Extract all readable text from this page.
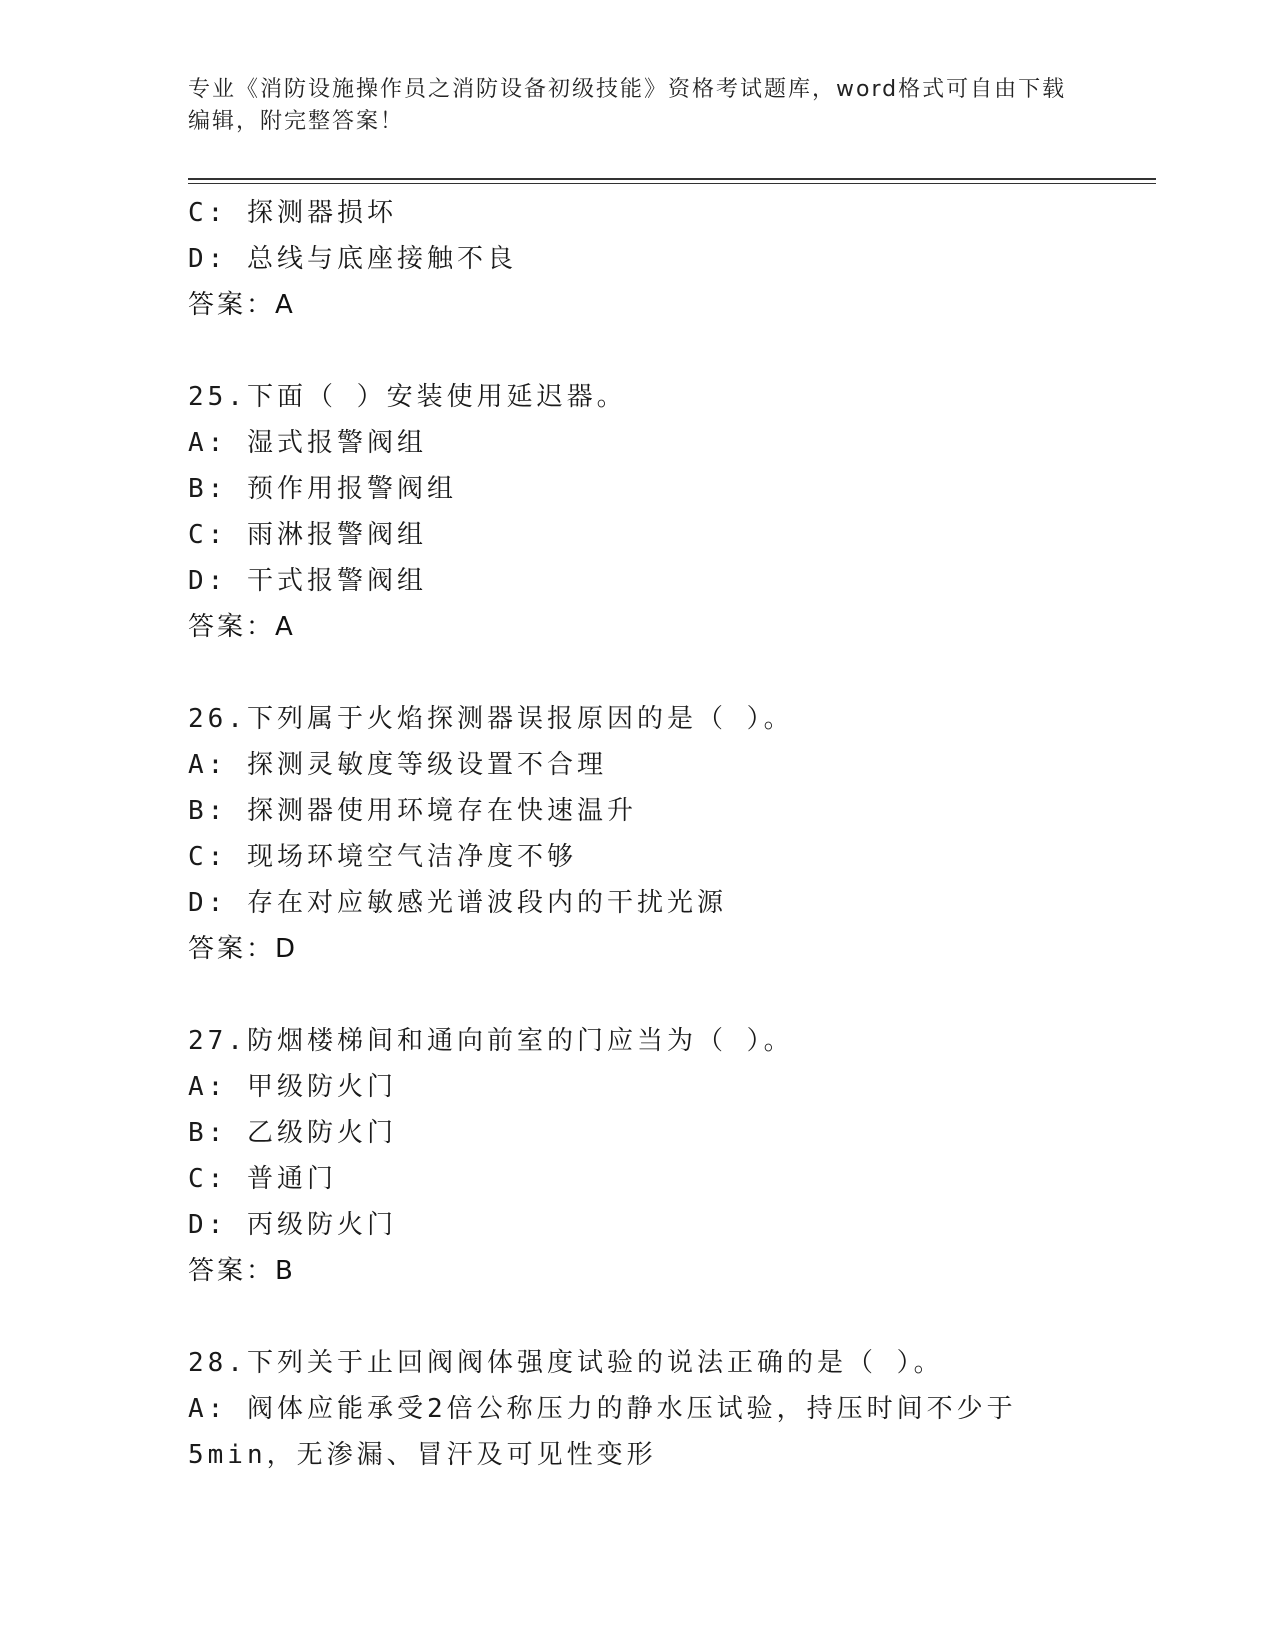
专业《消防设施操作员之消防设备初级技能》资格考试题库，word格式可自由下载编辑，附完整答案！
C: 探测器损坏
D: 总线与底座接触不良
答案：A
25.下面（ ）安装使用延迟器。
A: 湿式报警阀组
B: 预作用报警阀组
C: 雨淋报警阀组
D: 干式报警阀组
答案：A
26.下列属于火焰探测器误报原因的是（ ）。
A: 探测灵敏度等级设置不合理
B: 探测器使用环境存在快速温升
C: 现场环境空气洁净度不够
D: 存在对应敏感光谱波段内的干扰光源
答案：D
27.防烟楼梯间和通向前室的门应当为（ ）。
A: 甲级防火门
B: 乙级防火门
C: 普通门
D: 丙级防火门
答案：B
28.下列关于止回阀阀体强度试验的说法正确的是（ ）。
A: 阀体应能承受2倍公称压力的静水压试验，持压时间不少于5min，无渗漏、冒汗及可见性变形
